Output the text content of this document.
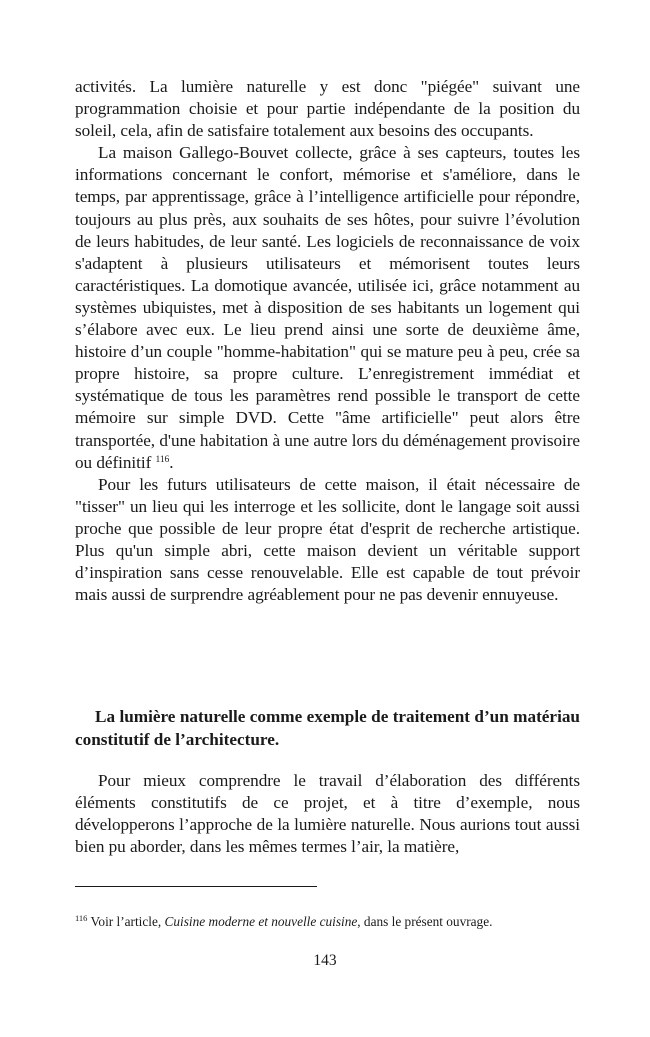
activités. La lumière naturelle y est donc "piégée" suivant une programmation choisie et pour partie indépendante de la position du soleil, cela, afin de satisfaire totalement aux besoins des occupants.

La maison Gallego-Bouvet collecte, grâce à ses capteurs, toutes les informations concernant le confort, mémorise et s'améliore, dans le temps, par apprentissage, grâce à l’intelligence artificielle pour répondre, toujours au plus près, aux souhaits de ses hôtes, pour suivre l’évolution de leurs habitudes, de leur santé. Les logiciels de reconnaissance de voix s'adaptent à plusieurs utilisateurs et mémorisent toutes leurs caractéristiques. La domotique avancée, utilisée ici, grâce notamment au systèmes ubiquistes, met à disposition de ses habitants un logement qui s’élabore avec eux. Le lieu prend ainsi une sorte de deuxième âme, histoire d’un couple "homme-habitation" qui se mature peu à peu, crée sa propre histoire, sa propre culture. L’enregistrement immédiat et systématique de tous les paramètres rend possible le transport de cette mémoire sur simple DVD. Cette "âme artificielle" peut alors être transportée, d'une habitation à une autre lors du déménagement provisoire ou définitif $^{116}$.

Pour les futurs utilisateurs de cette maison, il était nécessaire de "tisser" un lieu qui les interroge et les sollicite, dont le langage soit aussi proche que possible de leur propre état d'esprit de recherche artistique. Plus qu'un simple abri, cette maison devient un véritable support d’inspiration sans cesse renouvelable. Elle est capable de tout prévoir mais aussi de surprendre agréablement pour ne pas devenir ennuyeuse.

La lumière naturelle comme exemple de traitement d’un matériau constitutif de l’architecture.

Pour mieux comprendre le travail d’élaboration des différents éléments constitutifs de ce projet, et à titre d’exemple, nous développerons l’approche de la lumière naturelle. Nous aurions tout aussi bien pu aborder, dans les mêmes termes l’air, la matière,

$^{116}$ Voir l’article, Cuisine moderne et nouvelle cuisine, dans le présent ouvrage.

143
